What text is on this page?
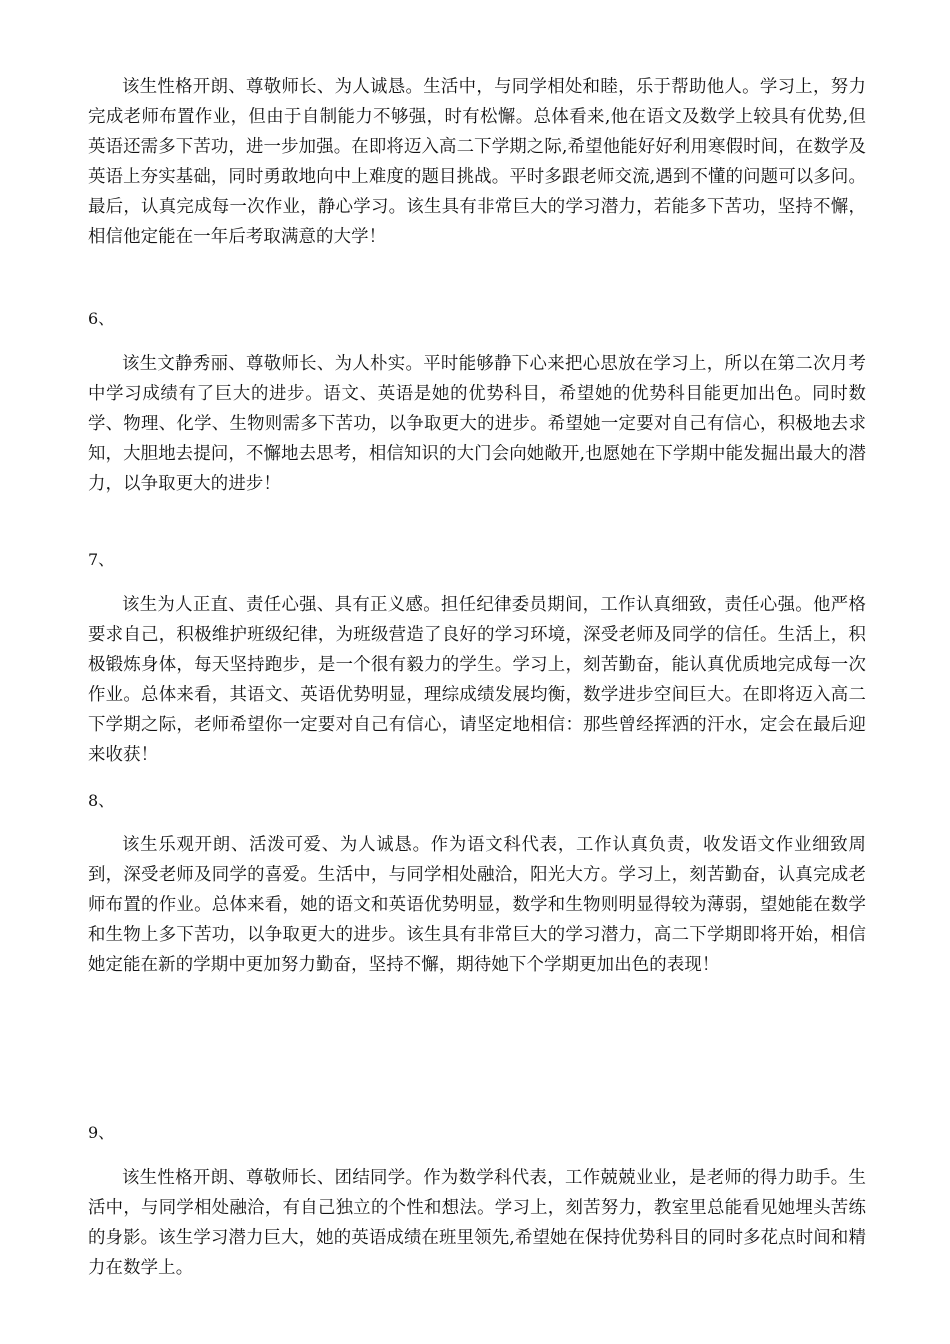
该生性格开朗、尊敬师长、为人诚恳。生活中，与同学相处和睦，乐于帮助他人。学习上，努力完成老师布置作业，但由于自制能力不够强，时有松懈。总体看来,他在语文及数学上较具有优势,但英语还需多下苦功，进一步加强。在即将迈入高二下学期之际,希望他能好好利用寒假时间，在数学及英语上夯实基础，同时勇敢地向中上难度的题目挑战。平时多跟老师交流,遇到不懂的问题可以多问。最后，认真完成每一次作业，静心学习。该生具有非常巨大的学习潜力，若能多下苦功，坚持不懈，相信他定能在一年后考取满意的大学！

6、

该生文静秀丽、尊敬师长、为人朴实。平时能够静下心来把心思放在学习上，所以在第二次月考中学习成绩有了巨大的进步。语文、英语是她的优势科目，希望她的优势科目能更加出色。同时数学、物理、化学、生物则需多下苦功，以争取更大的进步。希望她一定要对自己有信心，积极地去求知，大胆地去提问，不懈地去思考，相信知识的大门会向她敞开,也愿她在下学期中能发掘出最大的潜力，以争取更大的进步！

7、

该生为人正直、责任心强、具有正义感。担任纪律委员期间，工作认真细致，责任心强。他严格要求自己，积极维护班级纪律，为班级营造了良好的学习环境，深受老师及同学的信任。生活上，积极锻炼身体，每天坚持跑步，是一个很有毅力的学生。学习上，刻苦勤奋，能认真优质地完成每一次作业。总体来看，其语文、英语优势明显，理综成绩发展均衡，数学进步空间巨大。在即将迈入高二下学期之际，老师希望你一定要对自己有信心，请坚定地相信：那些曾经挥洒的汗水，定会在最后迎来收获！

8、

该生乐观开朗、活泼可爱、为人诚恳。作为语文科代表，工作认真负责，收发语文作业细致周到，深受老师及同学的喜爱。生活中，与同学相处融洽，阳光大方。学习上，刻苦勤奋，认真完成老师布置的作业。总体来看，她的语文和英语优势明显，数学和生物则明显得较为薄弱，望她能在数学和生物上多下苦功，以争取更大的进步。该生具有非常巨大的学习潜力，高二下学期即将开始，相信她定能在新的学期中更加努力勤奋，坚持不懈，期待她下个学期更加出色的表现！

9、

该生性格开朗、尊敬师长、团结同学。作为数学科代表，工作兢兢业业，是老师的得力助手。生活中，与同学相处融洽，有自己独立的个性和想法。学习上，刻苦努力，教室里总能看见她埋头苦练的身影。该生学习潜力巨大，她的英语成绩在班里领先,希望她在保持优势科目的同时多花点时间和精力在数学上。
